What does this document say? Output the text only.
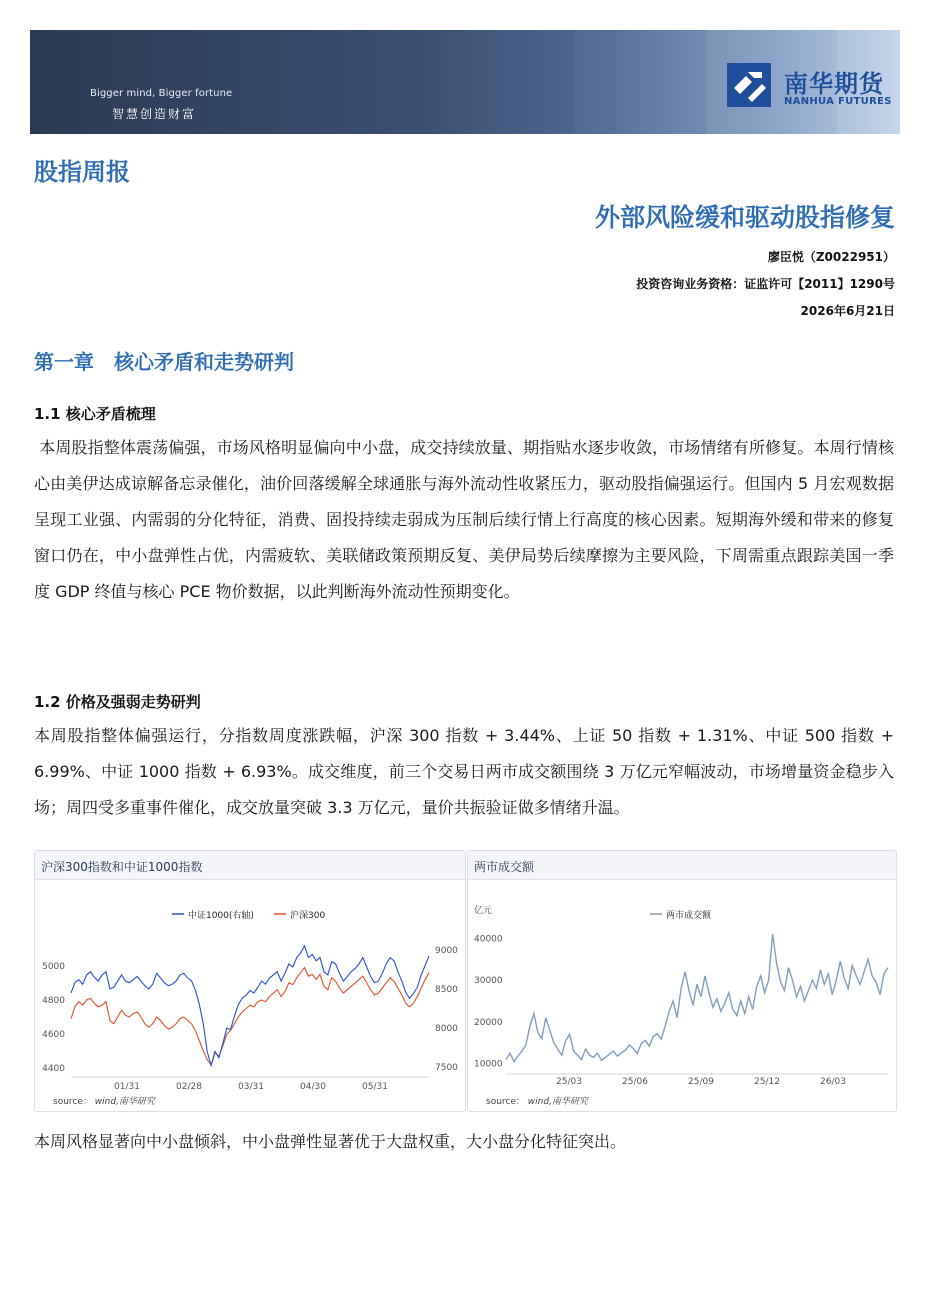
Bigger mind, Bigger fortune
智慧创造财富
南华期货
NANHUA FUTURES
股指周报
外部风险缓和驱动股指修复
廖臣悦（Z0022951）
投资咨询业务资格：证监许可【2011】1290号
2026年6月21日
第一章　核心矛盾和走势研判
1.1 核心矛盾梳理

本周股指整体震荡偏强，市场风格明显偏向中小盘，成交持续放量、期指贴水逐步收敛，市场情绪有所修复。本周行情核心由美伊达成谅解备忘录催化，油价回落缓解全球通胀与海外流动性收紧压力，驱动股指偏强运行。但国内 5 月宏观数据呈现工业强、内需弱的分化特征，消费、固投持续走弱成为压制后续行情上行高度的核心因素。短期海外缓和带来的修复窗口仍在，中小盘弹性占优，内需疲软、美联储政策预期反复、美伊局势后续摩擦为主要风险，下周需重点跟踪美国一季度 GDP 终值与核心 PCE 物价数据，以此判断海外流动性预期变化。

1.2 价格及强弱走势研判

本周股指整体偏强运行，分指数周度涨跌幅，沪深 300 指数 + 3.44%、上证 50 指数 + 1.31%、中证 500 指数 + 6.99%、中证 1000 指数 + 6.93%。成交维度，前三个交易日两市成交额围绕 3 万亿元窄幅波动，市场增量资金稳步入场；周四受多重事件催化，成交放量突破 3.3 万亿元，量价共振验证做多情绪升温。

沪深300指数和中证1000指数
4400
4600
4800
5000
7500
8000
8500
9000
01/31	02/28	03/31	04/30	05/31
中证1000(右轴)	沪深300
source： wind,南华研究
两市成交额
亿元
10000
20000
30000
40000
25/03	25/06	25/09	25/12	26/03
两市成交额
source： wind,南华研究

本周风格显著向中小盘倾斜，中小盘弹性显著优于大盘权重，大小盘分化特征突出。
